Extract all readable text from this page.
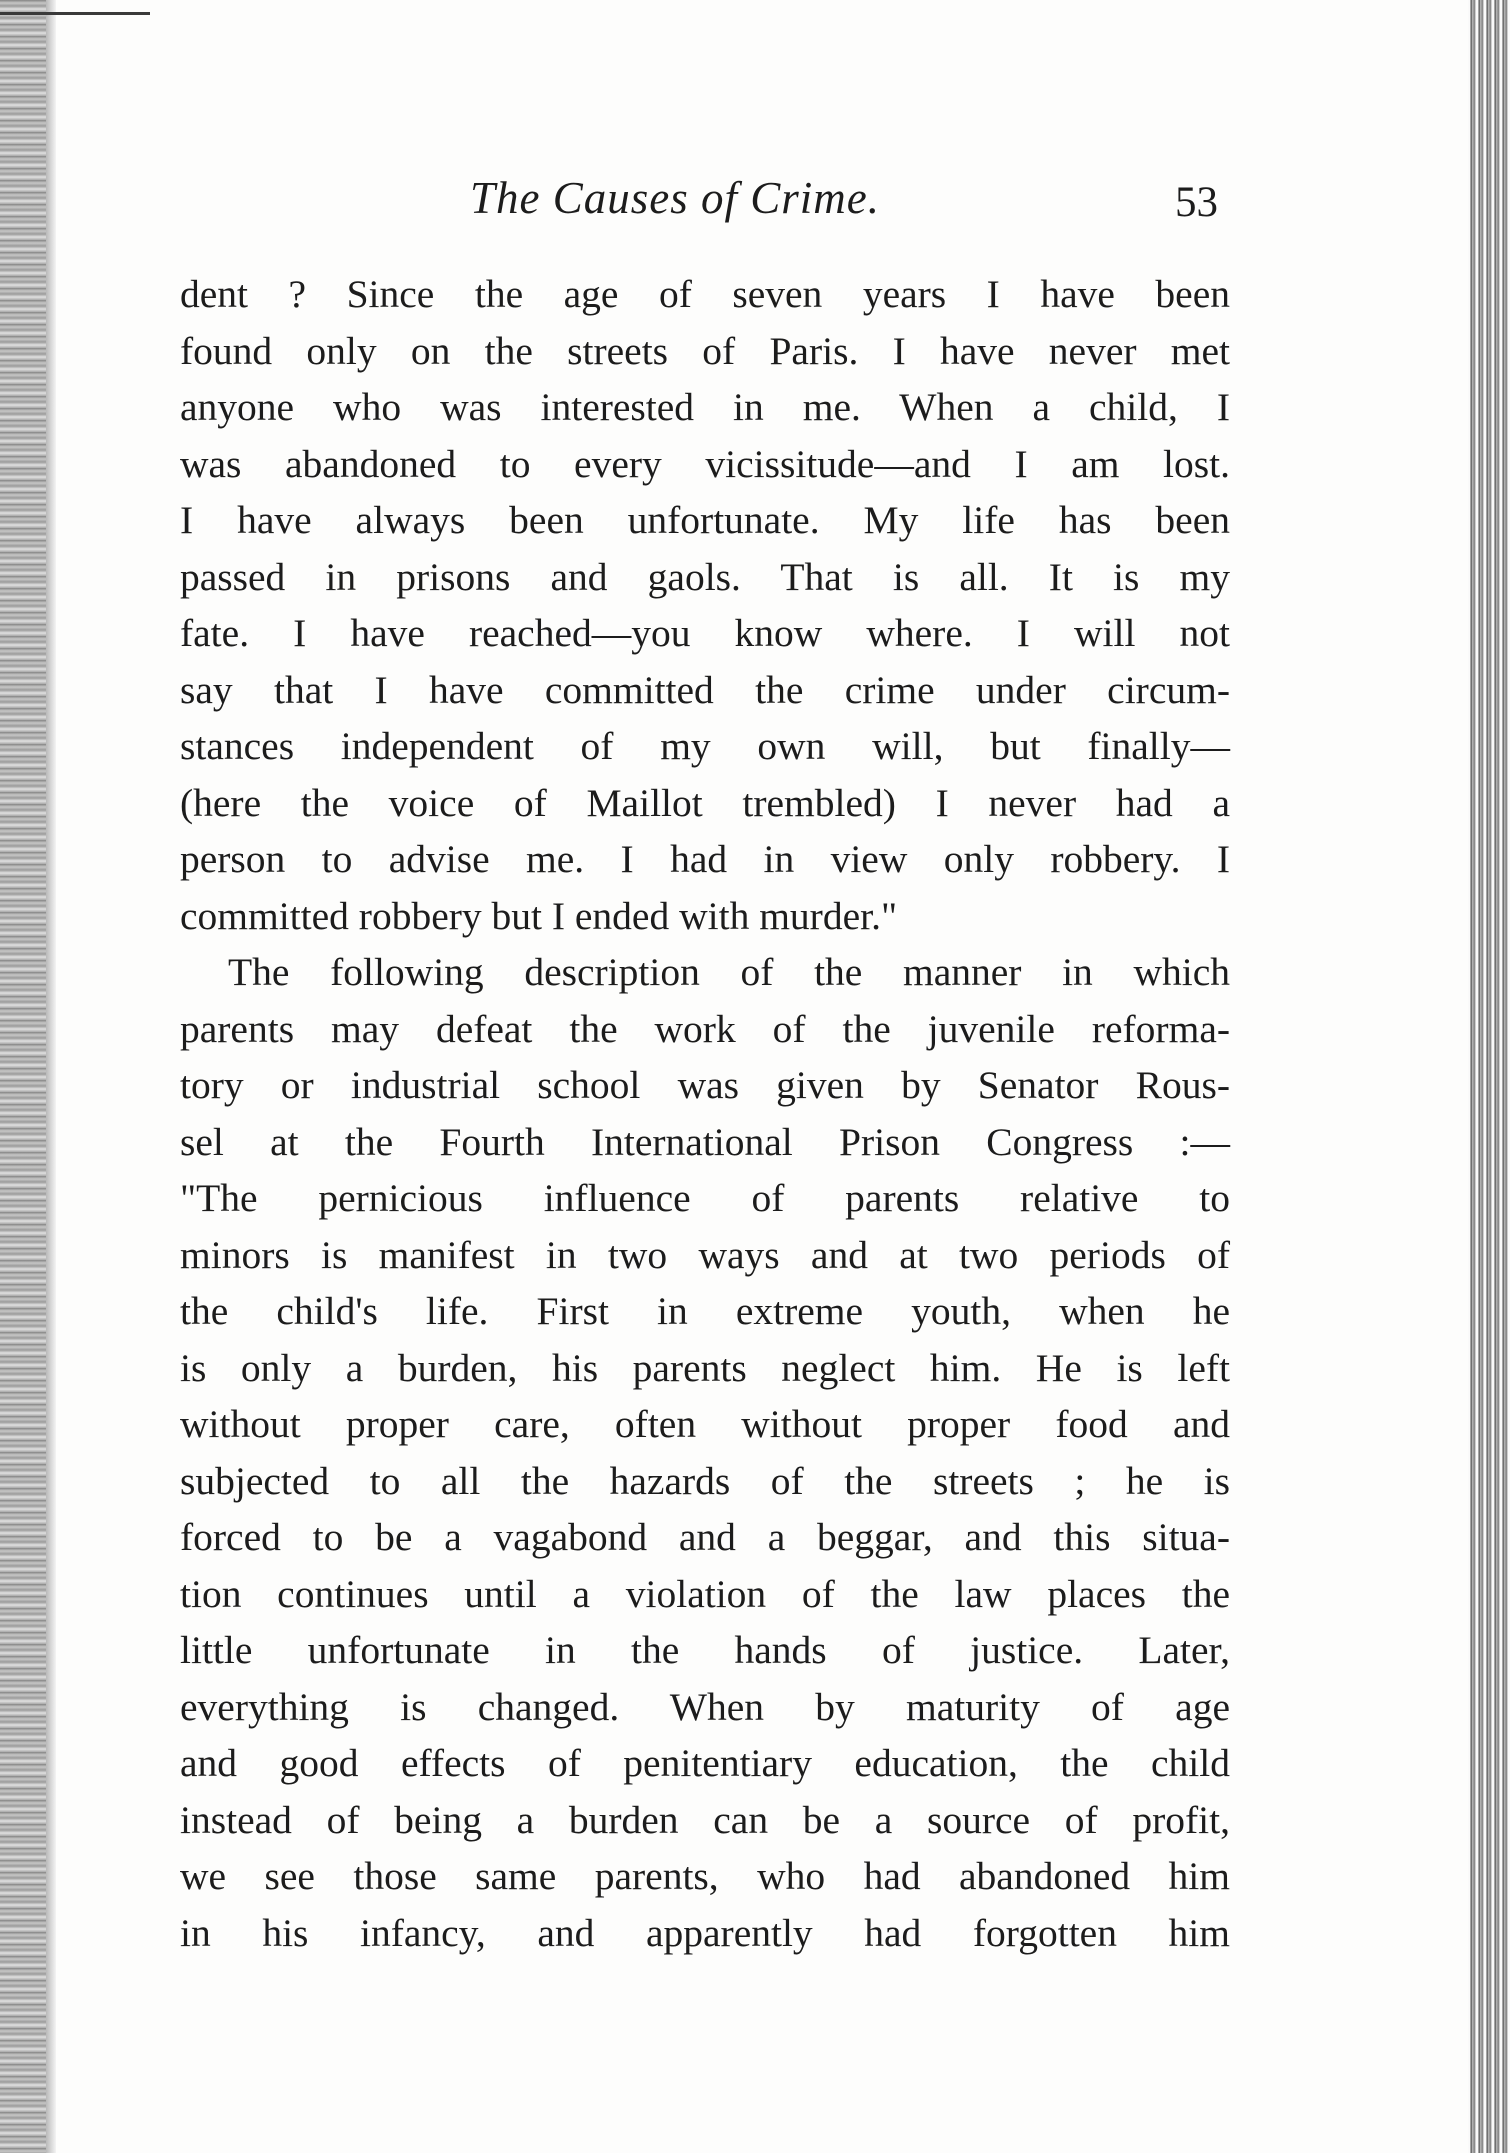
The Causes of Crime.	53
dent ? Since the age of seven years I have been
found only on the streets of Paris. I have never met
anyone who was interested in me. When a child, I
was abandoned to every vicissitude—and I am lost.
I have always been unfortunate. My life has been
passed in prisons and gaols. That is all. It is my
fate. I have reached—you know where. I will not
say that I have committed the crime under circum-
stances independent of my own will, but finally—
(here the voice of Maillot trembled) I never had a
person to advise me. I had in view only robbery. I
committed robbery but I ended with murder."
The following description of the manner in which
parents may defeat the work of the juvenile reforma-
tory or industrial school was given by Senator Rous-
sel at the Fourth International Prison Congress :—
"The pernicious influence of parents relative to
minors is manifest in two ways and at two periods of
the child's life. First in extreme youth, when he
is only a burden, his parents neglect him. He is left
without proper care, often without proper food and
subjected to all the hazards of the streets ; he is
forced to be a vagabond and a beggar, and this situa-
tion continues until a violation of the law places the
little unfortunate in the hands of justice. Later,
everything is changed. When by maturity of age
and good effects of penitentiary education, the child
instead of being a burden can be a source of profit,
we see those same parents, who had abandoned him
in his infancy, and apparently had forgotten him
